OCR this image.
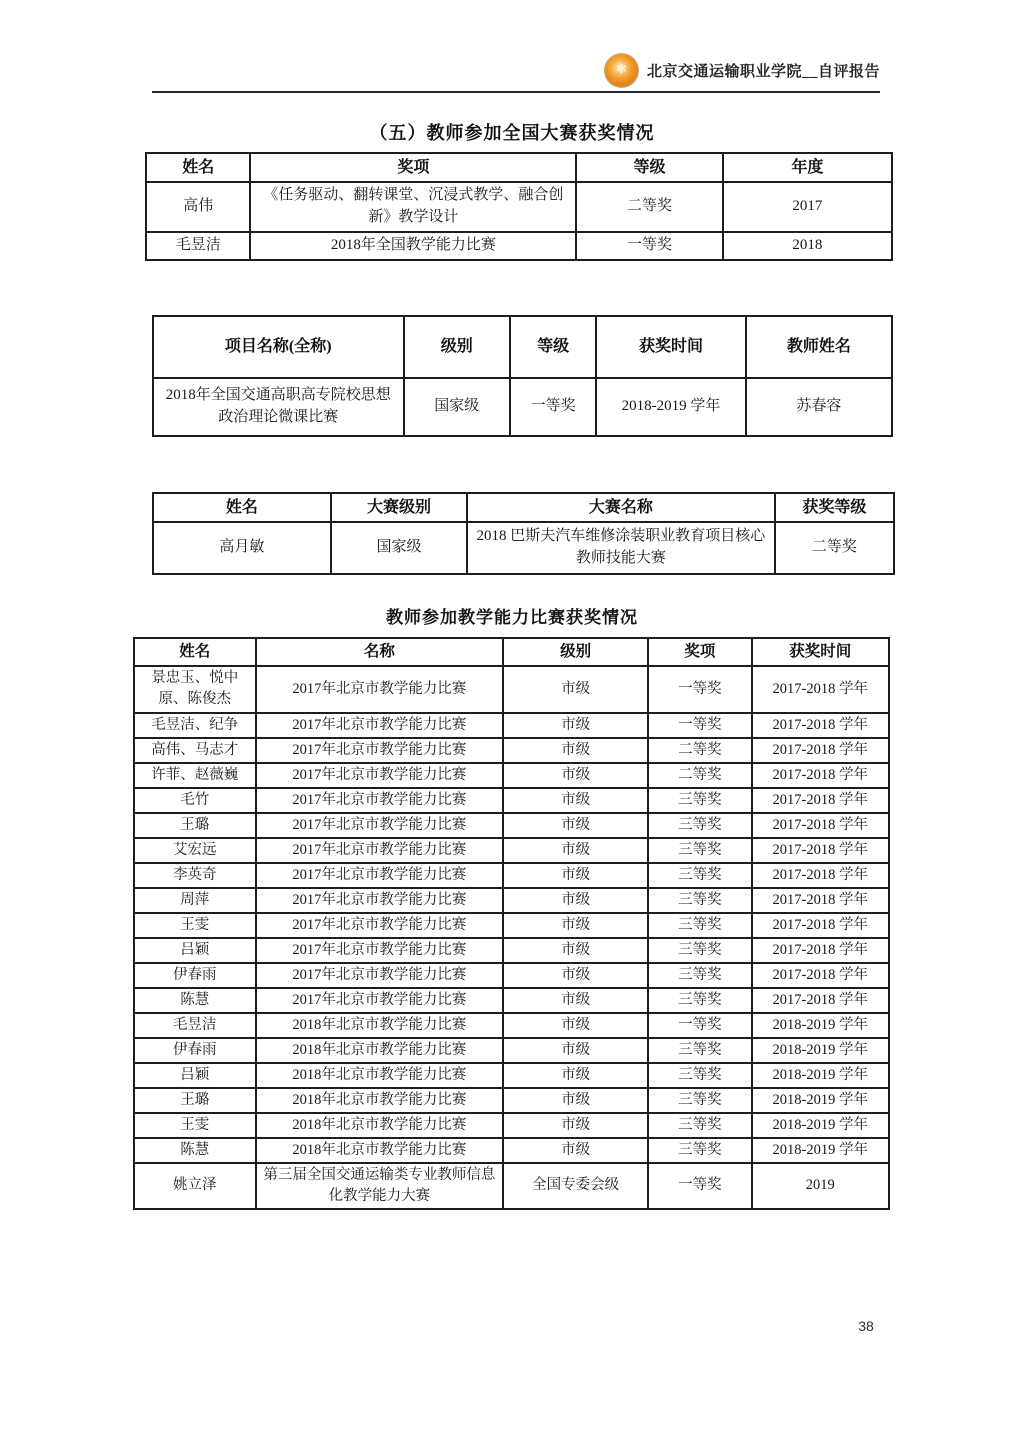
✻
北京交通运输职业学院__自评报告
（五）教师参加全国大赛获奖情况
姓名	奖项	等级	年度
高伟	《任务驱动、翻转课堂、沉浸式教学、融合创新》教学设计	二等奖	2017
毛昱洁	2018年全国教学能力比赛	一等奖	2018
项目名称(全称)	级别	等级	获奖时间	教师姓名
2018年全国交通高职高专院校思想政治理论微课比赛	国家级	一等奖	2018-2019 学年	苏春容
姓名	大赛级别	大赛名称	获奖等级
高月敏	国家级	2018 巴斯夫汽车维修涂装职业教育项目核心教师技能大赛	二等奖
教师参加教学能力比赛获奖情况
姓名	名称	级别	奖项	获奖时间
景忠玉、悦中原、陈俊杰	2017年北京市教学能力比赛	市级	一等奖	2017-2018 学年
毛昱洁、纪争	2017年北京市教学能力比赛	市级	一等奖	2017-2018 学年
高伟、马志才	2017年北京市教学能力比赛	市级	二等奖	2017-2018 学年
许菲、赵薇巍	2017年北京市教学能力比赛	市级	二等奖	2017-2018 学年
毛竹	2017年北京市教学能力比赛	市级	三等奖	2017-2018 学年
王璐	2017年北京市教学能力比赛	市级	三等奖	2017-2018 学年
艾宏远	2017年北京市教学能力比赛	市级	三等奖	2017-2018 学年
李英奇	2017年北京市教学能力比赛	市级	三等奖	2017-2018 学年
周萍	2017年北京市教学能力比赛	市级	三等奖	2017-2018 学年
王雯	2017年北京市教学能力比赛	市级	三等奖	2017-2018 学年
吕颖	2017年北京市教学能力比赛	市级	三等奖	2017-2018 学年
伊春雨	2017年北京市教学能力比赛	市级	三等奖	2017-2018 学年
陈慧	2017年北京市教学能力比赛	市级	三等奖	2017-2018 学年
毛昱洁	2018年北京市教学能力比赛	市级	一等奖	2018-2019 学年
伊春雨	2018年北京市教学能力比赛	市级	三等奖	2018-2019 学年
吕颖	2018年北京市教学能力比赛	市级	三等奖	2018-2019 学年
王璐	2018年北京市教学能力比赛	市级	三等奖	2018-2019 学年
王雯	2018年北京市教学能力比赛	市级	三等奖	2018-2019 学年
陈慧	2018年北京市教学能力比赛	市级	三等奖	2018-2019 学年
姚立泽	第三届全国交通运输类专业教师信息化教学能力大赛	全国专委会级	一等奖	2019
38
